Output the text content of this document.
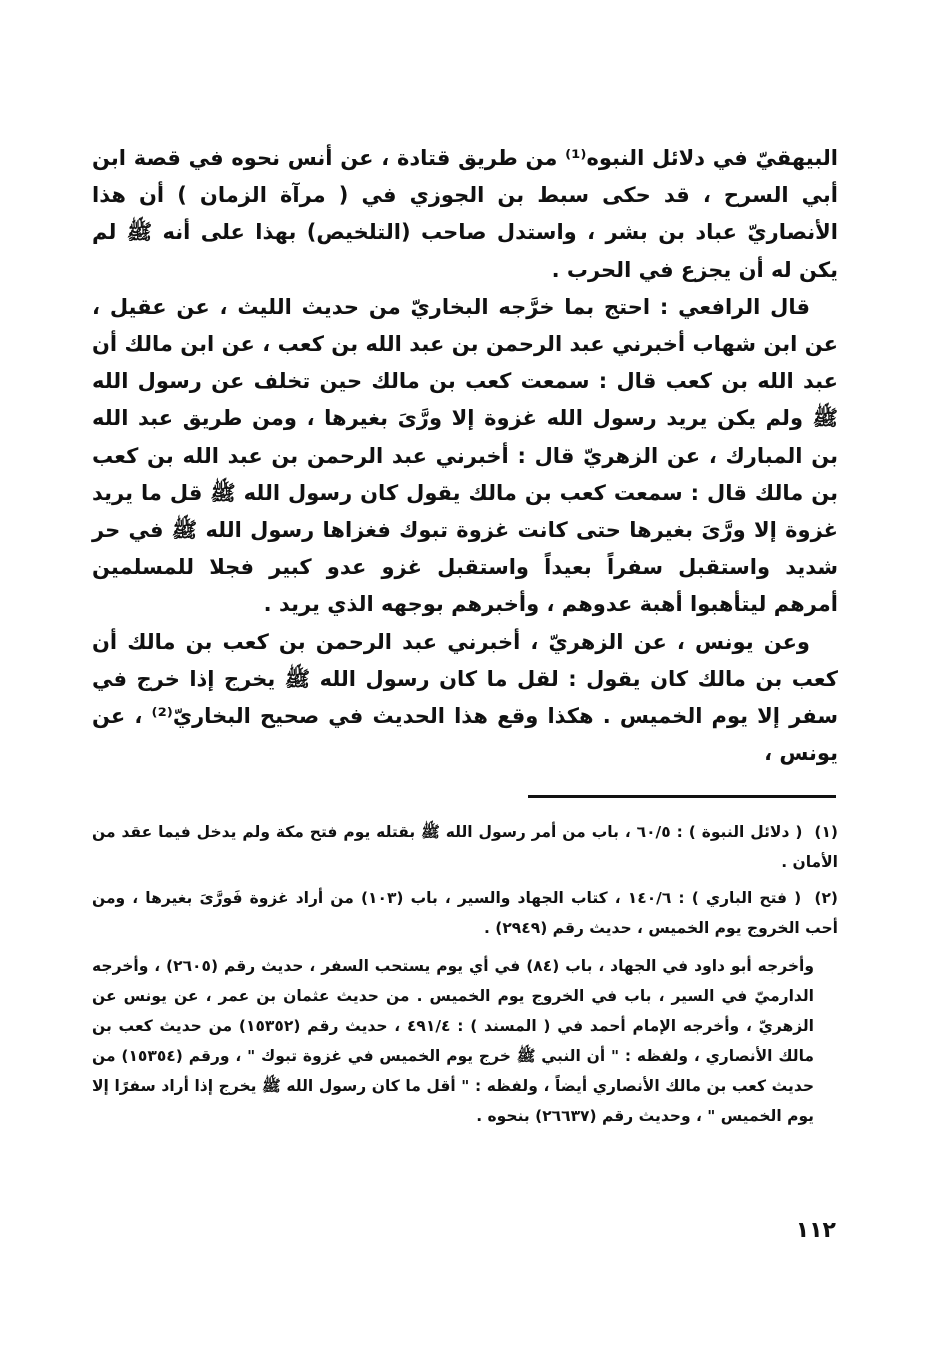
البيهقيّ في دلائل النبوه⁽¹⁾ من طريق قتادة ، عن أنس نحوه في قصة ابن أبي السرح ، قد حكى سبط بن الجوزي في ( مرآة الزمان ) أن هذا الأنصاريّ عباد بن بشر ، واستدل صاحب (التلخيص) بهذا على أنه ﷺ لم يكن له أن يجزع في الحرب .

قال الرافعي : احتج بما خرَّجه البخاريّ من حديث الليث ، عن عقيل ، عن ابن شهاب أخبرني عبد الرحمن بن عبد الله بن كعب ، عن ابن مالك أن عبد الله بن كعب قال : سمعت كعب بن مالك حين تخلف عن رسول الله ﷺ ولم يكن يريد رسول الله غزوة إلا ورَّىَ بغيرها ، ومن طريق عبد الله بن المبارك ، عن الزهريّ قال : أخبرني عبد الرحمن بن عبد الله بن كعب بن مالك قال : سمعت كعب بن مالك يقول كان رسول الله ﷺ قل ما يريد غزوة إلا ورَّىَ بغيرها حتى كانت غزوة تبوك فغزاها رسول الله ﷺ في حر شديد واستقبل سفراً بعيداً واستقبل غزو عدو كبير فجلا للمسلمين أمرهم ليتأهبوا أهبة عدوهم ، وأخبرهم بوجهه الذي يريد .

وعن يونس ، عن الزهريّ ، أخبرني عبد الرحمن بن كعب بن مالك أن كعب بن مالك كان يقول : لقل ما كان رسول الله ﷺ يخرج إذا خرج في سفر إلا يوم الخميس . هكذا وقع هذا الحديث في صحيح البخاريّ⁽²⁾ ، عن يونس ،

(١) ( دلائل النبوة ) : ٦٠/٥ ، باب من أمر رسول الله ﷺ بقتله يوم فتح مكة ولم يدخل فيما عقد من الأمان .

(٢) ( فتح الباري ) : ١٤٠/٦ ، كتاب الجهاد والسير ، باب (١٠٣) من أراد غزوة فَورَّىَ بغيرها ، ومن أحب الخروج يوم الخميس ، حديث رقم (٢٩٤٩) .

وأخرجه أبو داود في الجهاد ، باب (٨٤) في أي يوم يستحب السفر ، حديث رقم (٢٦٠٥) ، وأخرجه الدارميّ في السير ، باب في الخروج يوم الخميس . من حديث عثمان بن عمر ، عن يونس عن الزهريّ ، وأخرجه الإمام أحمد في ( المسند ) : ٤٩١/٤ ، حديث رقم (١٥٣٥٢) من حديث كعب بن مالك الأنصاري ، ولفظه : " أن النبي ﷺ خرج يوم الخميس في غزوة تبوك " ، ورقم (١٥٣٥٤) من حديث كعب بن مالك الأنصاري أيضاً ، ولفظه : " أقل ما كان رسول الله ﷺ يخرج إذا أراد سفرًا إلا يوم الخميس " ، وحديث رقم (٢٦٦٣٧) بنحوه .

١١٢
